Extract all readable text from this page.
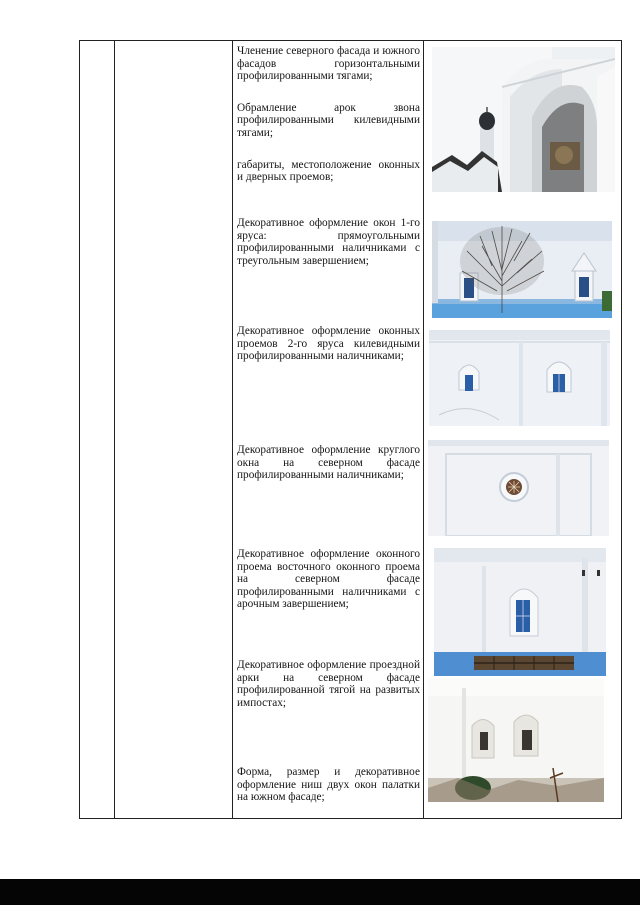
Членение северного фасада и южного фасадов горизонтальными профилированными тягами;
Обрамление арок звона профилированными килевидными тягами;
габариты, местоположение оконных и дверных проемов;
Декоративное оформление окон 1-го яруса: прямоугольными профилированными наличниками с треугольным завершением;
Декоративное оформление оконных проемов 2-го яруса килевидными профилированными наличниками;
Декоративное оформление круглого окна на северном фасаде профилированными наличниками;
Декоративное оформление оконного проема восточного оконного проема на северном фасаде профилированными наличниками с арочным завершением;
Декоративное оформление проездной арки на северном фасаде профилированной тягой на развитых импостах;
Форма, размер и декоративное оформление ниш двух окон палатки на южном фасаде;
